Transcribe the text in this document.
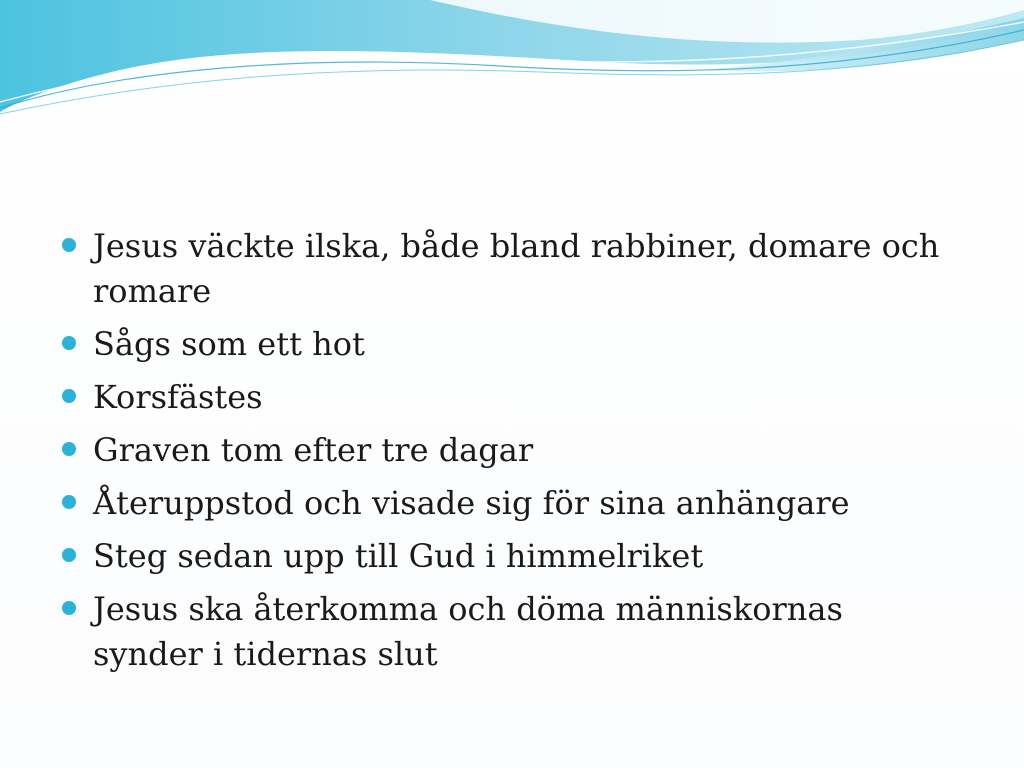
Jesus väckte ilska, både bland rabbiner, domare och romare
Sågs som ett hot
Korsfästes
Graven tom efter tre dagar
Återuppstod och visade sig för sina anhängare
Steg sedan upp till Gud i himmelriket
Jesus ska återkomma och döma människornas synder i tidernas slut
